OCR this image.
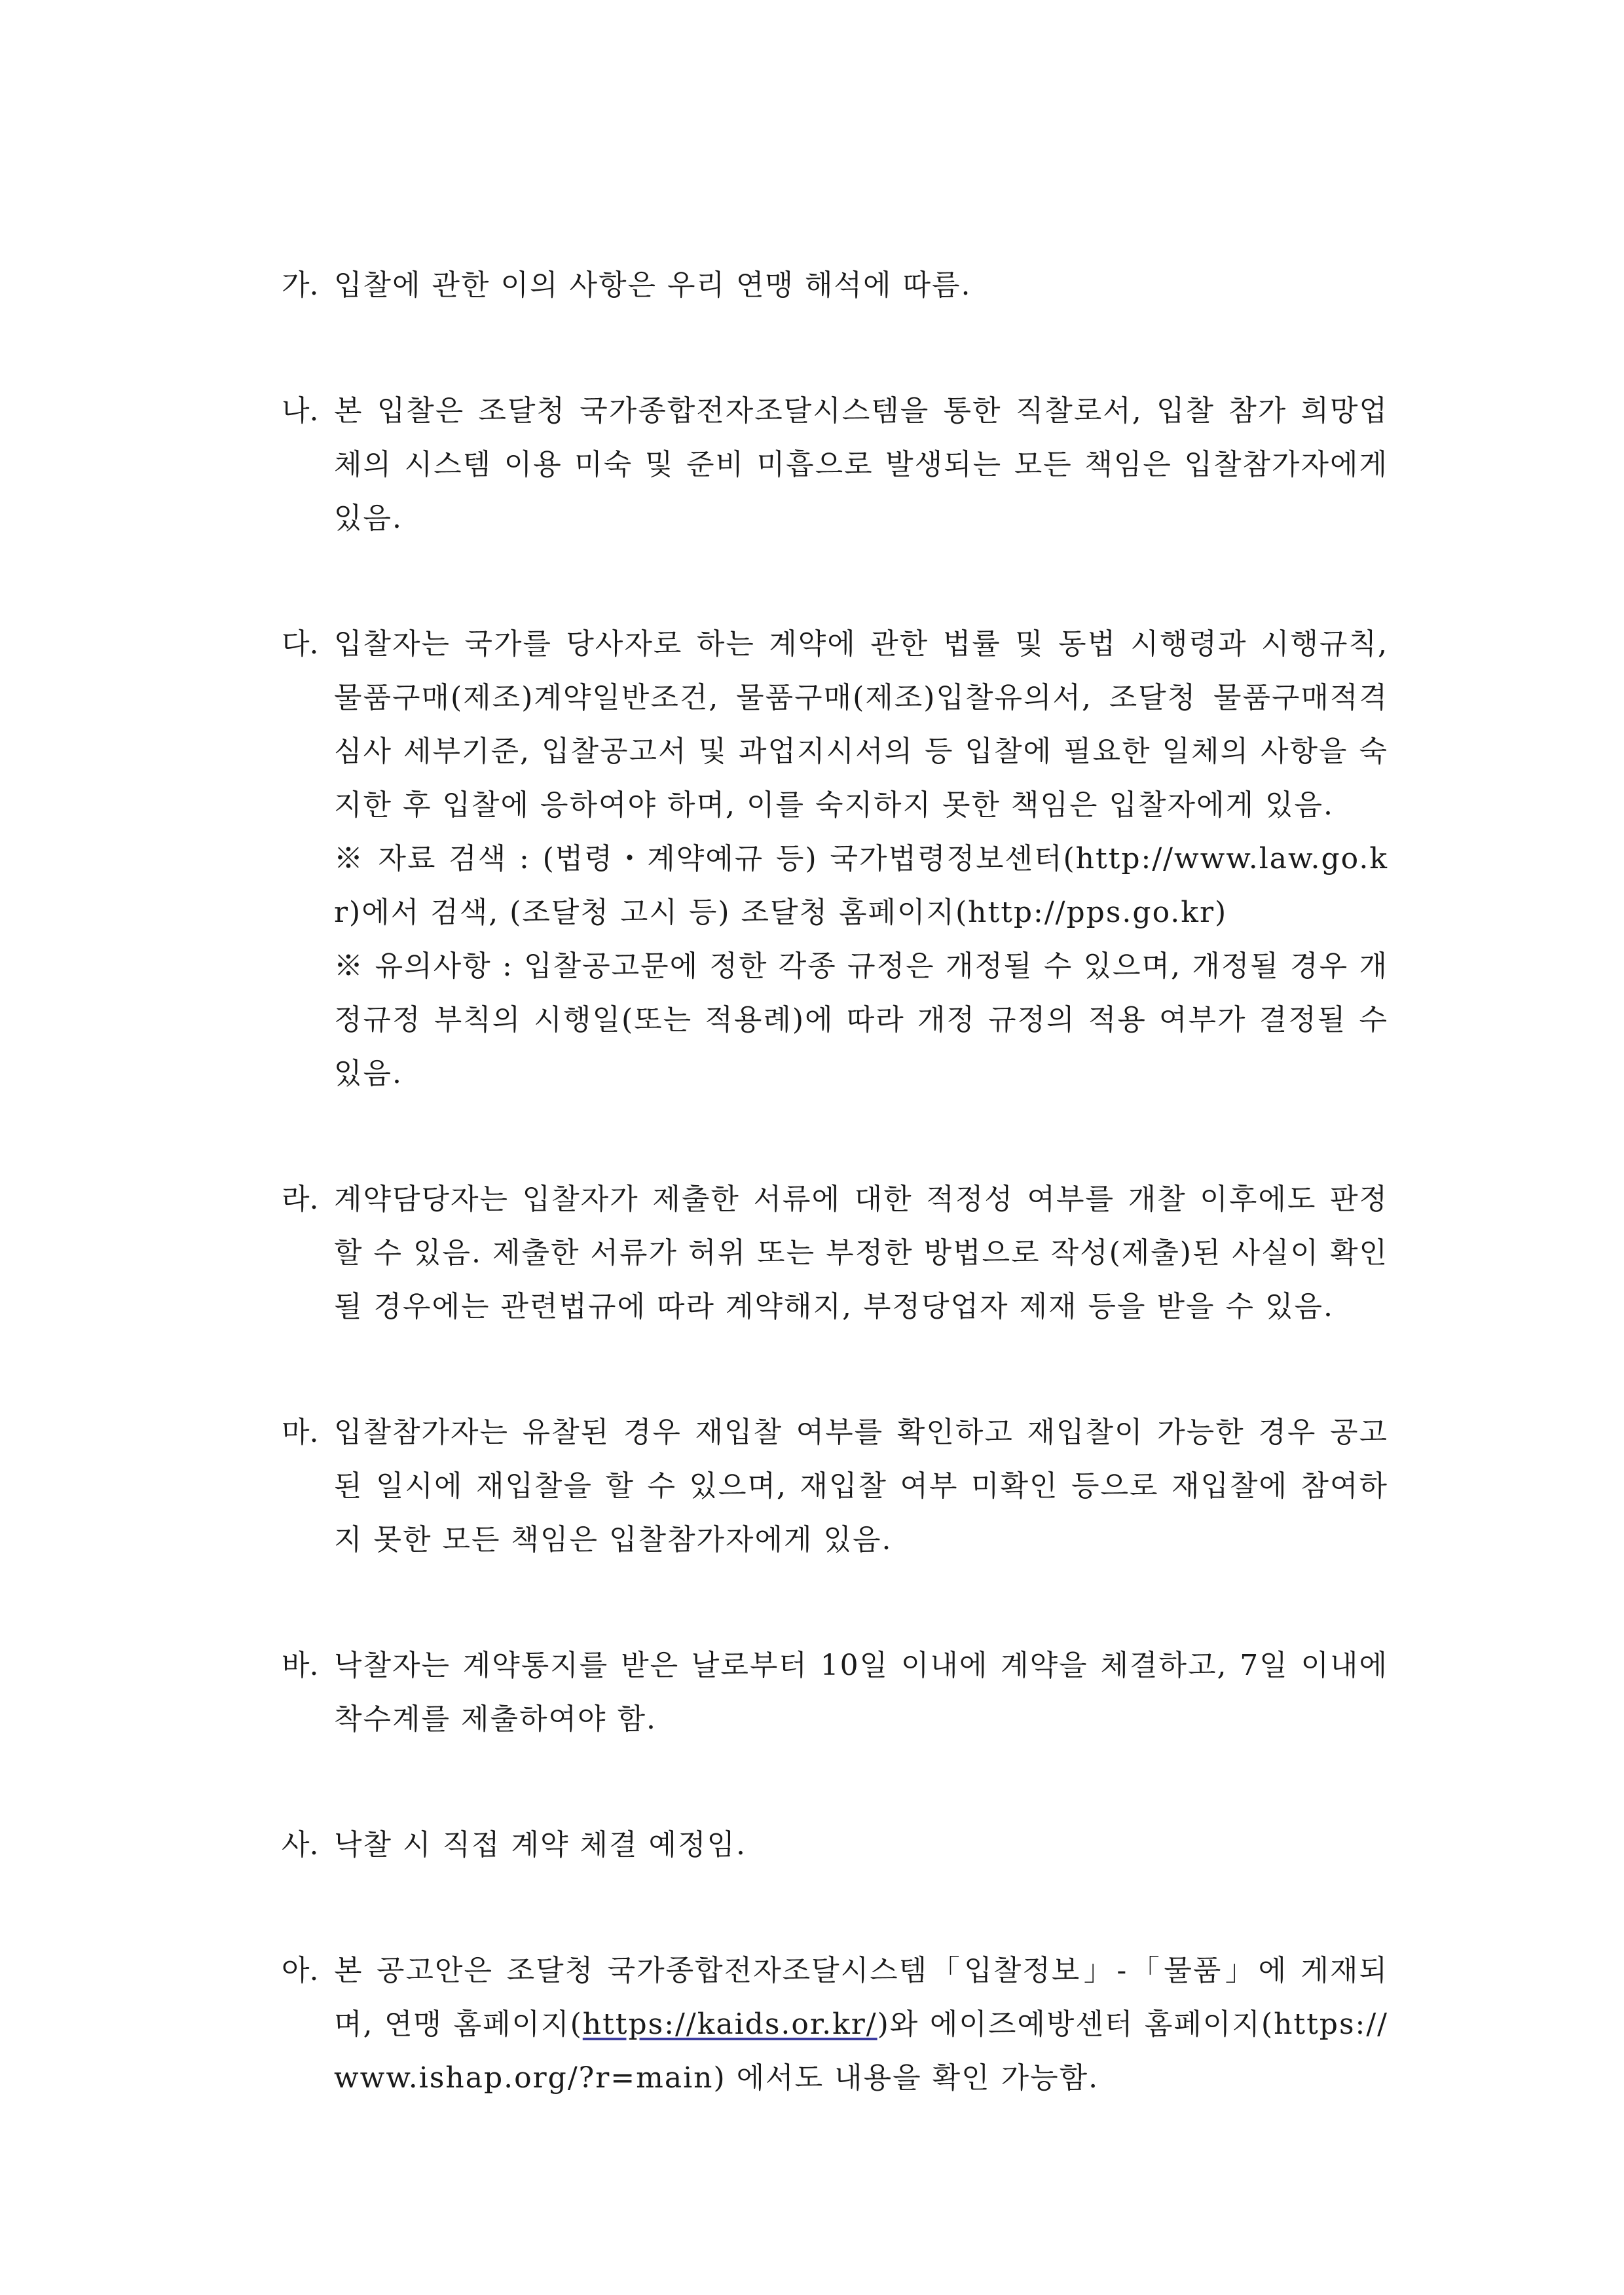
가. 입찰에 관한 이의 사항은 우리 연맹 해석에 따름.

나. 본 입찰은 조달청 국가종합전자조달시스템을 통한 직찰로서, 입찰 참가 희망업체의 시스템 이용 미숙 및 준비 미흡으로 발생되는 모든 책임은 입찰참가자에게 있음.

다. 입찰자는 국가를 당사자로 하는 계약에 관한 법률 및 동법 시행령과 시행규칙, 물품구매(제조)계약일반조건, 물품구매(제조)입찰유의서, 조달청 물품구매적격심사 세부기준, 입찰공고서 및 과업지시서의 등 입찰에 필요한 일체의 사항을 숙지한 후 입찰에 응하여야 하며, 이를 숙지하지 못한 책임은 입찰자에게 있음.

※ 자료 검색 : (법령・계약예규 등) 국가법령정보센터(http://www.law.go.kr)에서 검색, (조달청 고시 등) 조달청 홈페이지(http://pps.go.kr)

※ 유의사항 : 입찰공고문에 정한 각종 규정은 개정될 수 있으며, 개정될 경우 개정규정 부칙의 시행일(또는 적용례)에 따라 개정 규정의 적용 여부가 결정될 수 있음.

라. 계약담당자는 입찰자가 제출한 서류에 대한 적정성 여부를 개찰 이후에도 판정할 수 있음. 제출한 서류가 허위 또는 부정한 방법으로 작성(제출)된 사실이 확인될 경우에는 관련법규에 따라 계약해지, 부정당업자 제재 등을 받을 수 있음.

마. 입찰참가자는 유찰된 경우 재입찰 여부를 확인하고 재입찰이 가능한 경우 공고된 일시에 재입찰을 할 수 있으며, 재입찰 여부 미확인 등으로 재입찰에 참여하지 못한 모든 책임은 입찰참가자에게 있음.

바. 낙찰자는 계약통지를 받은 날로부터 10일 이내에 계약을 체결하고, 7일 이내에 착수계를 제출하여야 함.

사. 낙찰 시 직접 계약 체결 예정임.

아. 본 공고안은 조달청 국가종합전자조달시스템「입찰정보」-「물품」에 게재되며, 연맹 홈페이지(https://kaids.or.kr/)와 에이즈예방센터 홈페이지(https://www.ishap.org/?r=main) 에서도 내용을 확인 가능함.
